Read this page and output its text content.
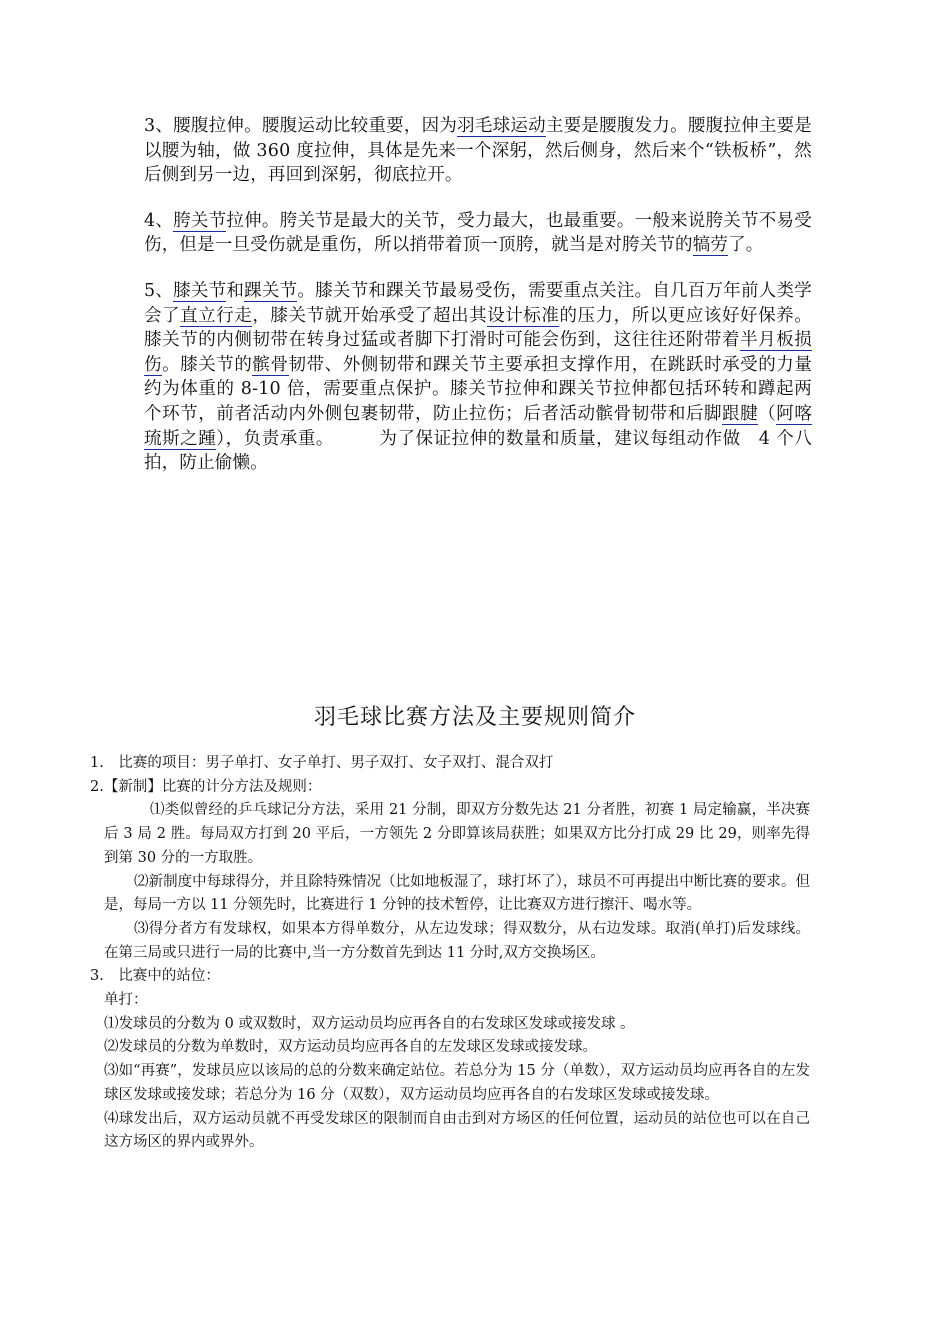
3、腰腹拉伸。腰腹运动比较重要，因为羽毛球运动主要是腰腹发力。腰腹拉伸主要是以腰为轴，做 360 度拉伸，具体是先来一个深躬，然后侧身，然后来个“铁板桥”，然后侧到另一边，再回到深躬，彻底拉开。

4、胯关节拉伸。胯关节是最大的关节，受力最大，也最重要。一般来说胯关节不易受伤，但是一旦受伤就是重伤，所以捎带着顶一顶胯，就当是对胯关节的犒劳了。

5、膝关节和踝关节。膝关节和踝关节最易受伤，需要重点关注。自几百万年前人类学会了直立行走，膝关节就开始承受了超出其设计标准的压力，所以更应该好好保养。膝关节的内侧韧带在转身过猛或者脚下打滑时可能会伤到，这往往还附带着半月板损伤。膝关节的髌骨韧带、外侧韧带和踝关节主要承担支撑作用，在跳跃时承受的力量约为体重的 8-10 倍，需要重点保护。膝关节拉伸和踝关节拉伸都包括环转和蹲起两个环节，前者活动内外侧包裹韧带，防止拉伤；后者活动髌骨韧带和后脚跟腱（阿喀琉斯之踵），负责承重。　　　为了保证拉伸的数量和质量，建议每组动作做　4 个八拍，防止偷懒。

羽毛球比赛方法及主要规则简介
1.　比赛的项目：男子单打、女子单打、男子双打、女子双打、混合双打
2.【新制】比赛的计分方法及规则：
⑴类似曾经的乒乓球记分方法，采用 21 分制，即双方分数先达 21 分者胜，初赛 1 局定输赢，半决赛后 3 局 2 胜。每局双方打到 20 平后，一方领先 2 分即算该局获胜；如果双方比分打成 29 比 29，则率先得到第 30 分的一方取胜。
⑵新制度中每球得分，并且除特殊情况（比如地板湿了，球打坏了），球员不可再提出中断比赛的要求。但是，每局一方以 11 分领先时，比赛进行 1 分钟的技术暂停，让比赛双方进行擦汗、喝水等。
⑶得分者方有发球权，如果本方得单数分，从左边发球；得双数分，从右边发球。取消(单打)后发球线。在第三局或只进行一局的比赛中,当一方分数首先到达 11 分时,双方交换场区。
3.　比赛中的站位：
单打：
⑴发球员的分数为 0 或双数时，双方运动员均应再各自的右发球区发球或接发球 。
⑵发球员的分数为单数时，双方运动员均应再各自的左发球区发球或接发球。
⑶如“再赛”，发球员应以该局的总的分数来确定站位。若总分为 15 分（单数），双方运动员均应再各自的左发球区发球或接发球；若总分为 16 分（双数），双方运动员均应再各自的右发球区发球或接发球。
⑷球发出后，双方运动员就不再受发球区的限制而自由击到对方场区的任何位置，运动员的站位也可以在自己这方场区的界内或界外。
